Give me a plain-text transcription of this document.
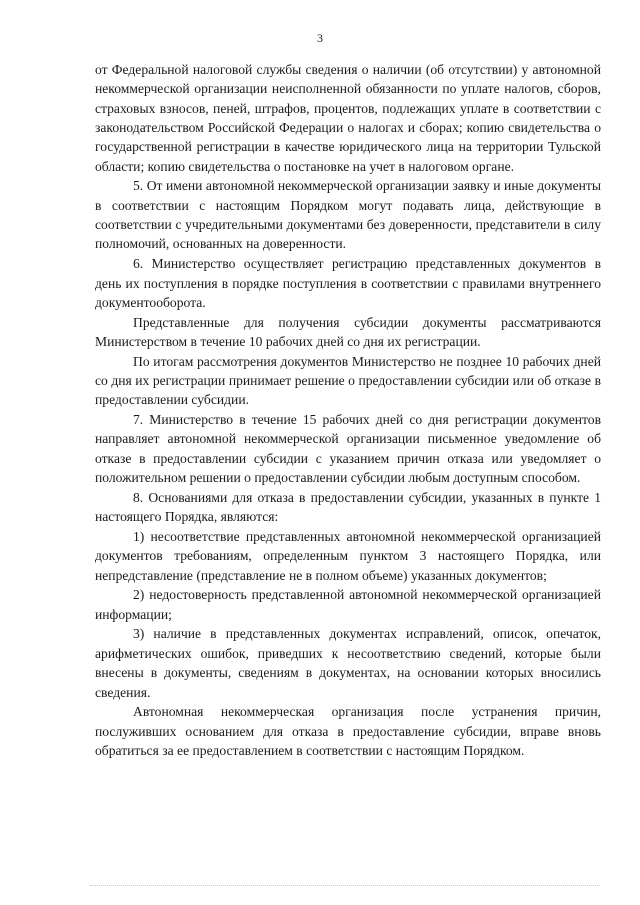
3

от Федеральной налоговой службы сведения о наличии (об отсутствии) у автономной некоммерческой организации неисполненной обязанности по уплате налогов, сборов, страховых взносов, пеней, штрафов, процентов, подлежащих уплате в соответствии с законодательством Российской Федерации о налогах и сборах; копию свидетельства о государственной регистрации в качестве юридического лица на территории Тульской области; копию свидетельства о постановке на учет в налоговом органе.

5. От имени автономной некоммерческой организации заявку и иные документы в соответствии с настоящим Порядком могут подавать лица, действующие в соответствии с учредительными документами без доверенности, представители в силу полномочий, основанных на доверенности.

6. Министерство осуществляет регистрацию представленных документов в день их поступления в порядке поступления в соответствии с правилами внутреннего документооборота.

Представленные для получения субсидии документы рассматриваются Министерством в течение 10 рабочих дней со дня их регистрации.

По итогам рассмотрения документов Министерство не позднее 10 рабочих дней со дня их регистрации принимает решение о предоставлении субсидии или об отказе в предоставлении субсидии.

7. Министерство в течение 15 рабочих дней со дня регистрации документов направляет автономной некоммерческой организации письменное уведомление об отказе в предоставлении субсидии с указанием причин отказа или уведомляет о положительном решении о предоставлении субсидии любым доступным способом.

8. Основаниями для отказа в предоставлении субсидии, указанных в пункте 1 настоящего Порядка, являются:

1) несоответствие представленных автономной некоммерческой организацией документов требованиям, определенным пунктом 3 настоящего Порядка, или непредставление (представление не в полном объеме) указанных документов;

2) недостоверность представленной автономной некоммерческой организацией информации;

3) наличие в представленных документах исправлений, описок, опечаток, арифметических ошибок, приведших к несоответствию сведений, которые были внесены в документы, сведениям в документах, на основании которых вносились сведения.

Автономная некоммерческая организация после устранения причин, послуживших основанием для отказа в предоставление субсидии, вправе вновь обратиться за ее предоставлением в соответствии с настоящим Порядком.
